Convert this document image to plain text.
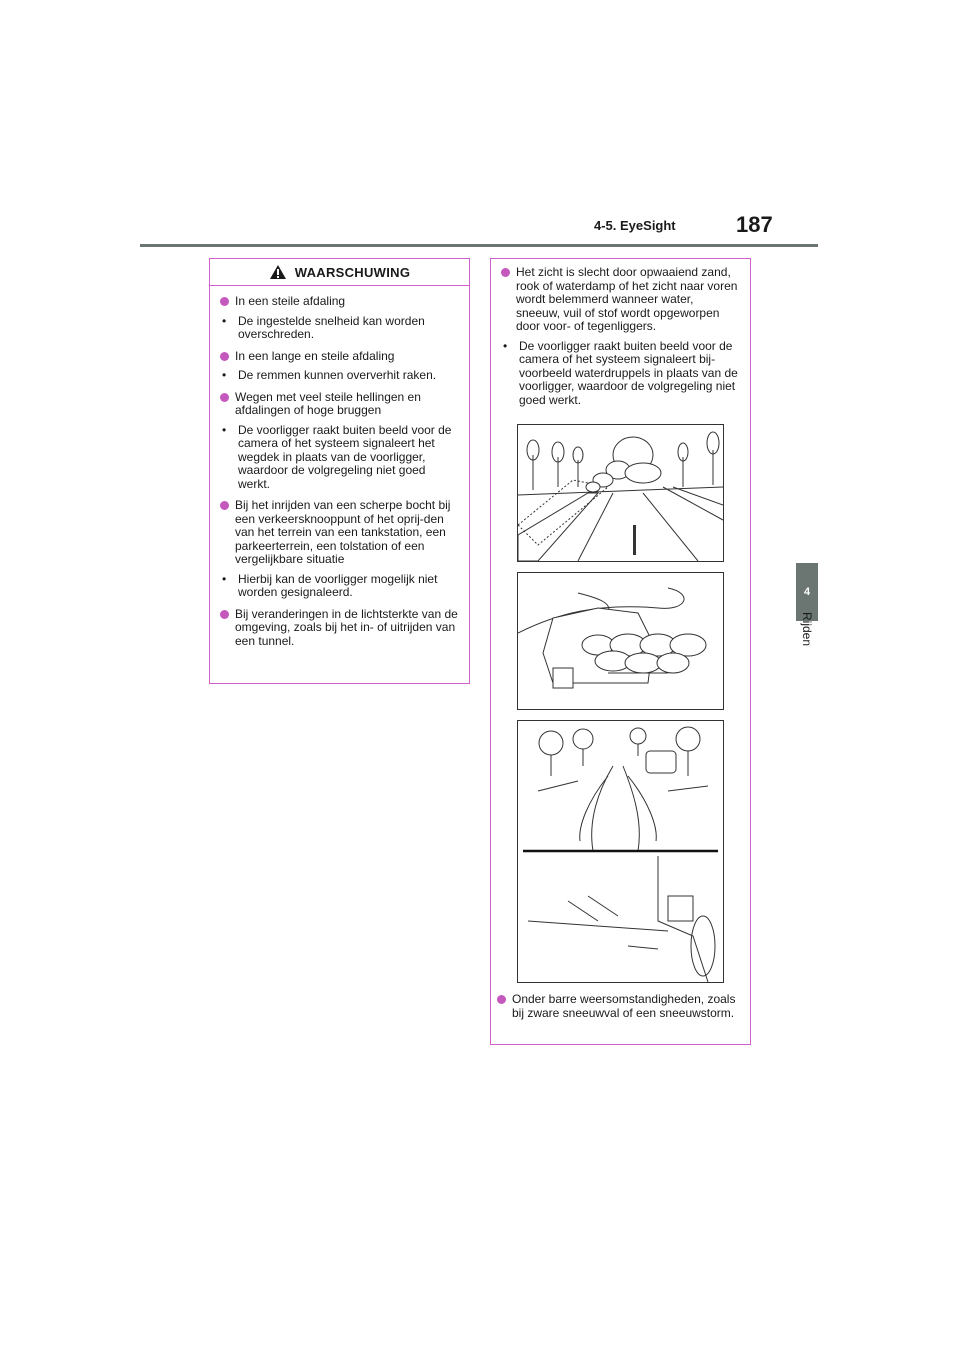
4-5. EyeSight	187
4
Rijden
WAARSCHUWING
In een steile afdaling
• De ingestelde snelheid kan worden overschreden.
In een lange en steile afdaling
• De remmen kunnen oververhit raken.
Wegen met veel steile hellingen en afdalingen of hoge bruggen
• De voorligger raakt buiten beeld voor de camera of het systeem signaleert het wegdek in plaats van de voorligger, waardoor de volgregeling niet goed werkt.
Bij het inrijden van een scherpe bocht bij een verkeersknooppunt of het oprij-den van het terrein van een tankstation, een parkeerterrein, een tolstation of een vergelijkbare situatie
• Hierbij kan de voorligger mogelijk niet worden gesignaleerd.
Bij veranderingen in de lichtsterkte van de omgeving, zoals bij het in- of uitrijden van een tunnel.
Het zicht is slecht door opwaaiend zand, rook of waterdamp of het zicht naar voren wordt belemmerd wanneer water, sneeuw, vuil of stof wordt opgeworpen door voor- of tegenliggers.
• De voorligger raakt buiten beeld voor de camera of het systeem signaleert bij-voorbeeld waterdruppels in plaats van de voorligger, waardoor de volgregeling niet goed werkt.
Onder barre weersomstandigheden, zoals bij zware sneeuwval of een sneeuwstorm.
